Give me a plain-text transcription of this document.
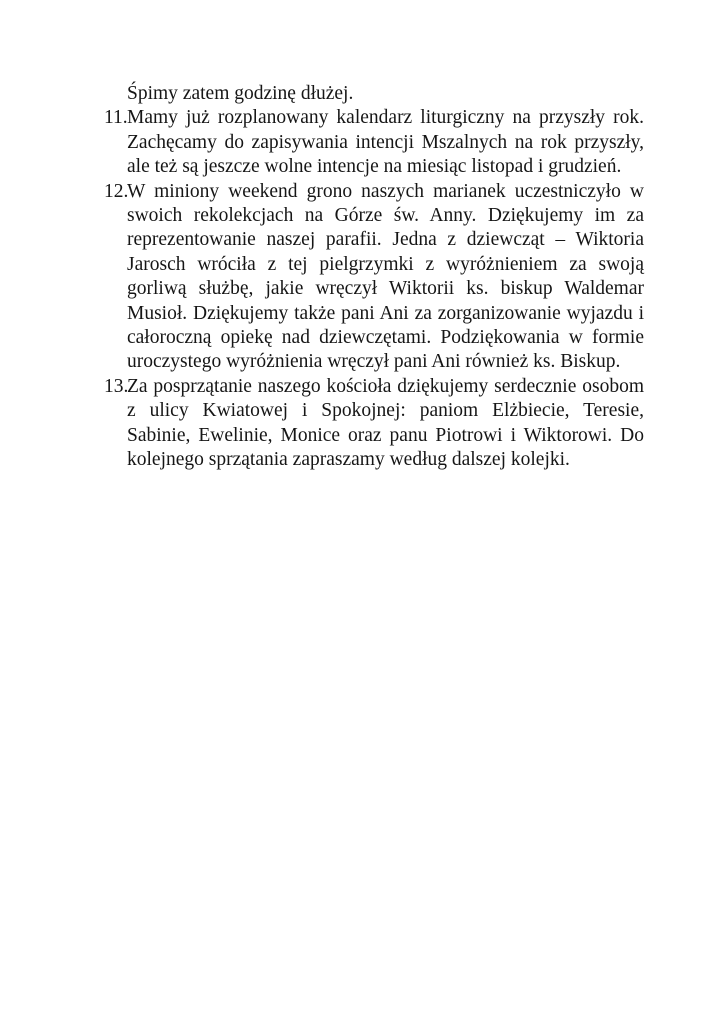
Śpimy zatem godzinę dłużej.

11. Mamy już rozplanowany kalendarz liturgiczny na przyszły rok. Zachęcamy do zapisywania intencji Mszalnych na rok przyszły, ale też są jeszcze wolne intencje na miesiąc listopad i grudzień.
12.
W miniony weekend grono naszych marianek uczestniczyło w swoich rekolekcjach na Górze św. Anny. Dziękujemy im za reprezentowanie naszej parafii. Jedna z dziewcząt – Wiktoria Jarosch wróciła z tej pielgrzymki z wyróżnieniem za swoją gorliwą służbę, jakie wręczył Wiktorii ks. biskup Waldemar Musioł. Dziękujemy także pani Ani za zorganizowanie wyjazdu i całoroczną opiekę nad dziewczętami. Podziękowania w formie uroczystego wyróżnienia wręczył pani Ani również ks. Biskup.
13.
Za posprzątanie naszego kościoła dziękujemy serdecznie osobom z ulicy Kwiatowej i Spokojnej: paniom Elżbiecie, Teresie, Sabinie, Ewelinie, Monice oraz panu Piotrowi i Wiktorowi. Do kolejnego sprzątania zapraszamy według dalszej kolejki.
